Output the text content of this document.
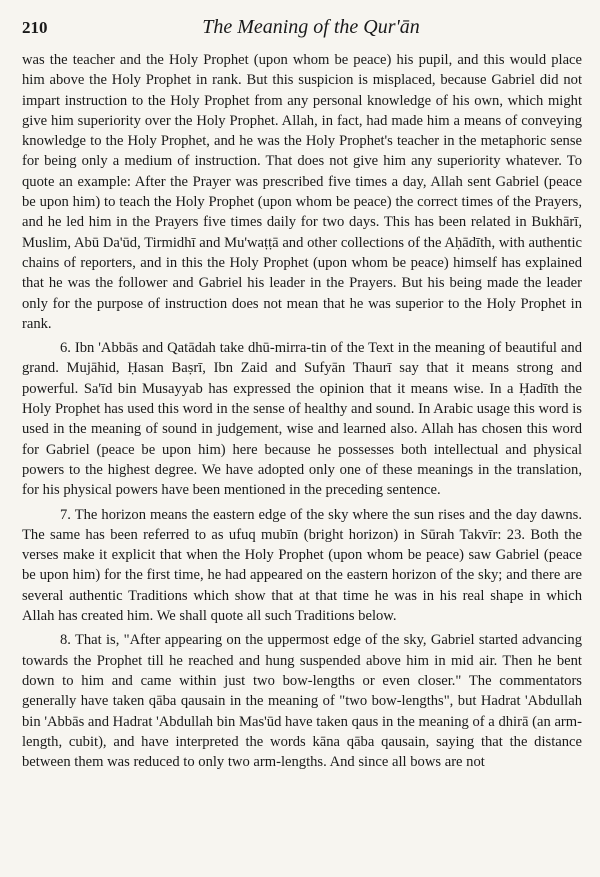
210	The Meaning of the Qur'ān

was the teacher and the Holy Prophet (upon whom be peace) his pupil, and this would place him above the Holy Prophet in rank. But this suspicion is misplaced, because Gabriel did not impart instruction to the Holy Prophet from any personal knowledge of his own, which might give him superiority over the Holy Prophet. Allah, in fact, had made him a means of conveying knowledge to the Holy Prophet, and he was the Holy Prophet's teacher in the metaphoric sense for being only a medium of instruction. That does not give him any superiority whatever. To quote an example: After the Prayer was prescribed five times a day, Allah sent Gabriel (peace be upon him) to teach the Holy Prophet (upon whom be peace) the correct times of the Prayers, and he led him in the Prayers five times daily for two days. This has been related in Bukhārī, Muslim, Abū Da'ūd, Tirmidhī and Mu'waṭṭā and other collections of the Aḥādīth, with authentic chains of reporters, and in this the Holy Prophet (upon whom be peace) himself has explained that he was the follower and Gabriel his leader in the Prayers. But his being made the leader only for the purpose of instruction does not mean that he was superior to the Holy Prophet in rank.

6. Ibn 'Abbās and Qatādah take dhū-mirra-tin of the Text in the meaning of beautiful and grand. Mujāhid, Ḥasan Baṣrī, Ibn Zaid and Sufyān Thaurī say that it means strong and powerful. Sa'īd bin Musayyab has expressed the opinion that it means wise. In a Ḥadīth the Holy Prophet has used this word in the sense of healthy and sound. In Arabic usage this word is used in the meaning of sound in judgement, wise and learned also. Allah has chosen this word for Gabriel (peace be upon him) here because he possesses both intellectual and physical powers to the highest degree. We have adopted only one of these meanings in the translation, for his physical powers have been mentioned in the preceding sentence.

7. The horizon means the eastern edge of the sky where the sun rises and the day dawns. The same has been referred to as ufuq mubīn (bright horizon) in Sūrah Takvīr: 23. Both the verses make it explicit that when the Holy Prophet (upon whom be peace) saw Gabriel (peace be upon him) for the first time, he had appeared on the eastern horizon of the sky; and there are several authentic Traditions which show that at that time he was in his real shape in which Allah has created him. We shall quote all such Traditions below.

8. That is, "After appearing on the uppermost edge of the sky, Gabriel started advancing towards the Prophet till he reached and hung suspended above him in mid air. Then he bent down to him and came within just two bow-lengths or even closer." The commentators generally have taken qāba qausain in the meaning of "two bow-lengths", but Hadrat 'Abdullah bin 'Abbās and Hadrat 'Abdullah bin Mas'ūd have taken qaus in the meaning of a dhirā (an arm-length, cubit), and have interpreted the words kāna qāba qausain, saying that the distance between them was reduced to only two arm-lengths. And since all bows are not
